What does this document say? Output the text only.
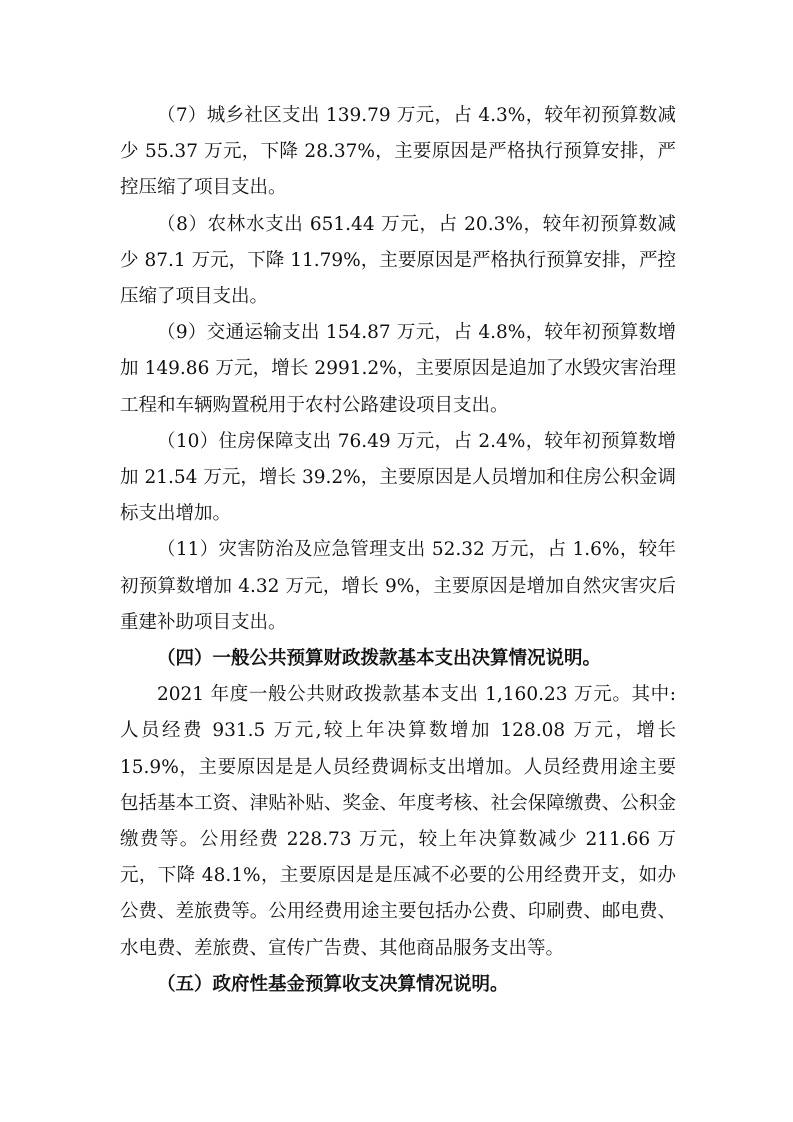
（7）城乡社区支出 139.79 万元，占 4.3%，较年初预算数减少 55.37 万元，下降 28.37%，主要原因是严格执行预算安排，严控压缩了项目支出。

（8）农林水支出 651.44 万元，占 20.3%，较年初预算数减少 87.1 万元，下降 11.79%，主要原因是严格执行预算安排，严控压缩了项目支出。

（9）交通运输支出 154.87 万元，占 4.8%，较年初预算数增加 149.86 万元，增长 2991.2%，主要原因是追加了水毁灾害治理工程和车辆购置税用于农村公路建设项目支出。

（10）住房保障支出 76.49 万元，占 2.4%，较年初预算数增加 21.54 万元，增长 39.2%，主要原因是人员增加和住房公积金调标支出增加。

（11）灾害防治及应急管理支出 52.32 万元，占 1.6%，较年初预算数增加 4.32 万元，增长 9%，主要原因是增加自然灾害灾后重建补助项目支出。

（四）一般公共预算财政拨款基本支出决算情况说明。

2021 年度一般公共财政拨款基本支出 1,160.23 万元。其中:人员经费 931.5 万元,较上年决算数增加 128.08 万元，增长 15.9%，主要原因是是人员经费调标支出增加。人员经费用途主要包括基本工资、津贴补贴、奖金、年度考核、社会保障缴费、公积金缴费等。公用经费 228.73 万元，较上年决算数减少 211.66 万元，下降 48.1%，主要原因是是压减不必要的公用经费开支，如办公费、差旅费等。公用经费用途主要包括办公费、印刷费、邮电费、水电费、差旅费、宣传广告费、其他商品服务支出等。

（五）政府性基金预算收支决算情况说明。
